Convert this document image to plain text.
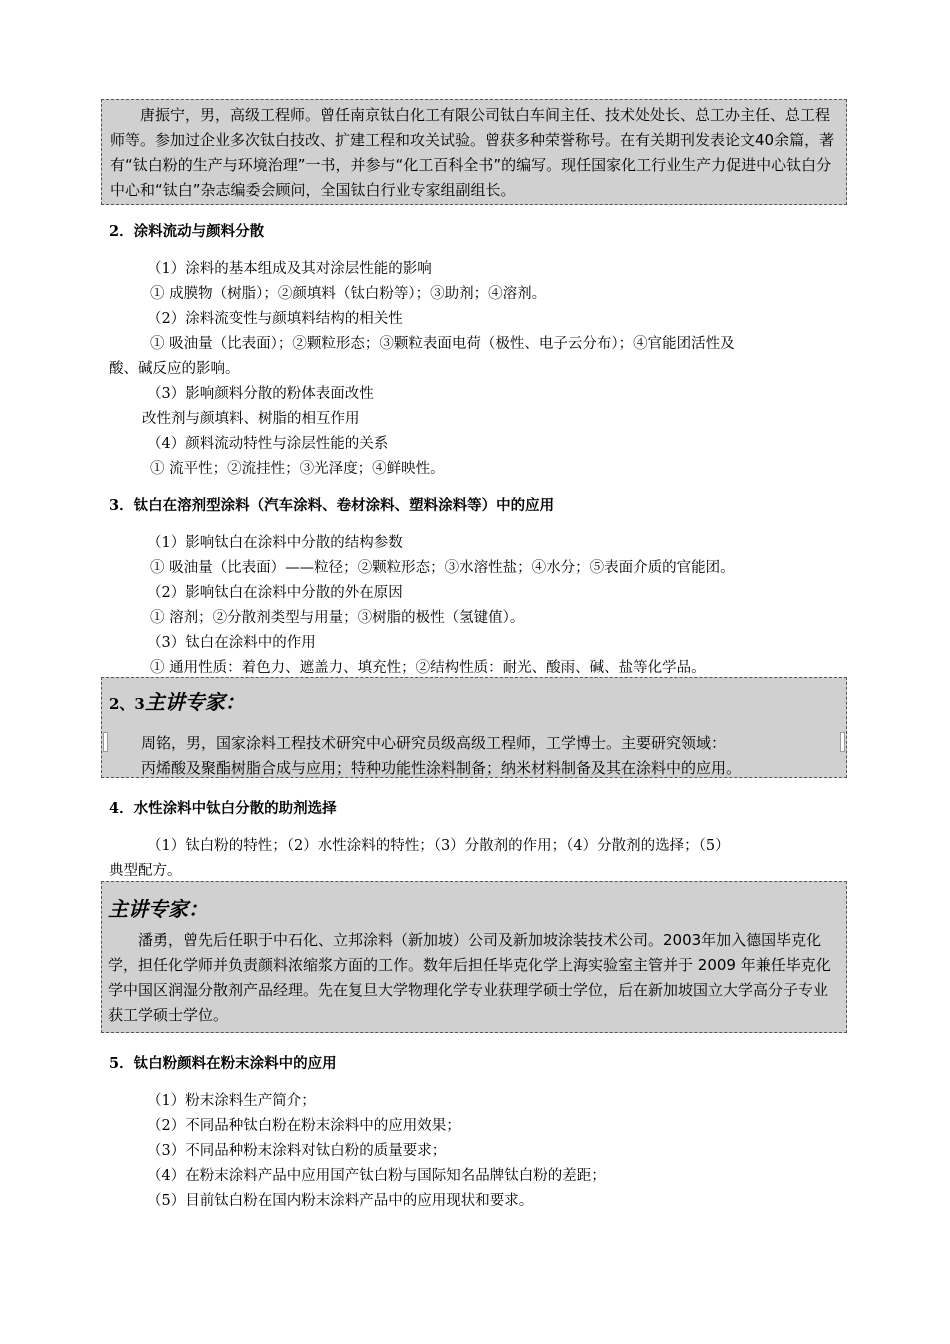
唐振宁，男，高级工程师。曾任南京钛白化工有限公司钛白车间主任、技术处处长、总工办主任、总工程师等。参加过企业多次钛白技改、扩建工程和攻关试验。曾获多种荣誉称号。在有关期刊发表论文40余篇，著有“钛白粉的生产与环境治理”一书，并参与“化工百科全书”的编写。现任国家化工行业生产力促进中心钛白分中心和“钛白”杂志编委会顾问，全国钛白行业专家组副组长。

2．涂料流动与颜料分散
（1）涂料的基本组成及其对涂层性能的影响
① 成膜物（树脂）；②颜填料（钛白粉等）；③助剂；④溶剂。
（2）涂料流变性与颜填料结构的相关性
① 吸油量（比表面）；②颗粒形态；③颗粒表面电荷（极性、电子云分布）；④官能团活性及
酸、碱反应的影响。
（3）影响颜料分散的粉体表面改性
改性剂与颜填料、树脂的相互作用
（4）颜料流动特性与涂层性能的关系
① 流平性；②流挂性；③光泽度；④鲜映性。
3．钛白在溶剂型涂料（汽车涂料、卷材涂料、塑料涂料等）中的应用
（1）影响钛白在涂料中分散的结构参数
① 吸油量（比表面）——粒径；②颗粒形态；③水溶性盐；④水分；⑤表面介质的官能团。
（2）影响钛白在涂料中分散的外在原因
① 溶剂；②分散剂类型与用量；③树脂的极性（氢键值）。
（3）钛白在涂料中的作用
① 通用性质：着色力、遮盖力、填充性；②结构性质：耐光、酸雨、碱、盐等化学品。
2、3主讲专家：

周铭，男，国家涂料工程技术研究中心研究员级高级工程师，工学博士。主要研究领域：

丙烯酸及聚酯树脂合成与应用；特种功能性涂料制备；纳米材料制备及其在涂料中的应用。

4．水性涂料中钛白分散的助剂选择
（1）钛白粉的特性；（2）水性涂料的特性；（3）分散剂的作用；（4）分散剂的选择；（5）
典型配方。
主讲专家：

潘勇，曾先后任职于中石化、立邦涂料（新加坡）公司及新加坡涂装技术公司。2003年加入德国毕克化学，担任化学师并负责颜料浓缩浆方面的工作。数年后担任毕克化学上海实验室主管并于 2009 年兼任毕克化学中国区润湿分散剂产品经理。先在复旦大学物理化学专业获理学硕士学位，后在新加坡国立大学高分子专业获工学硕士学位。

5．钛白粉颜料在粉末涂料中的应用
（1）粉末涂料生产简介；
（2）不同品种钛白粉在粉末涂料中的应用效果；
（3）不同品种粉末涂料对钛白粉的质量要求；
（4）在粉末涂料产品中应用国产钛白粉与国际知名品牌钛白粉的差距；
（5）目前钛白粉在国内粉末涂料产品中的应用现状和要求。
